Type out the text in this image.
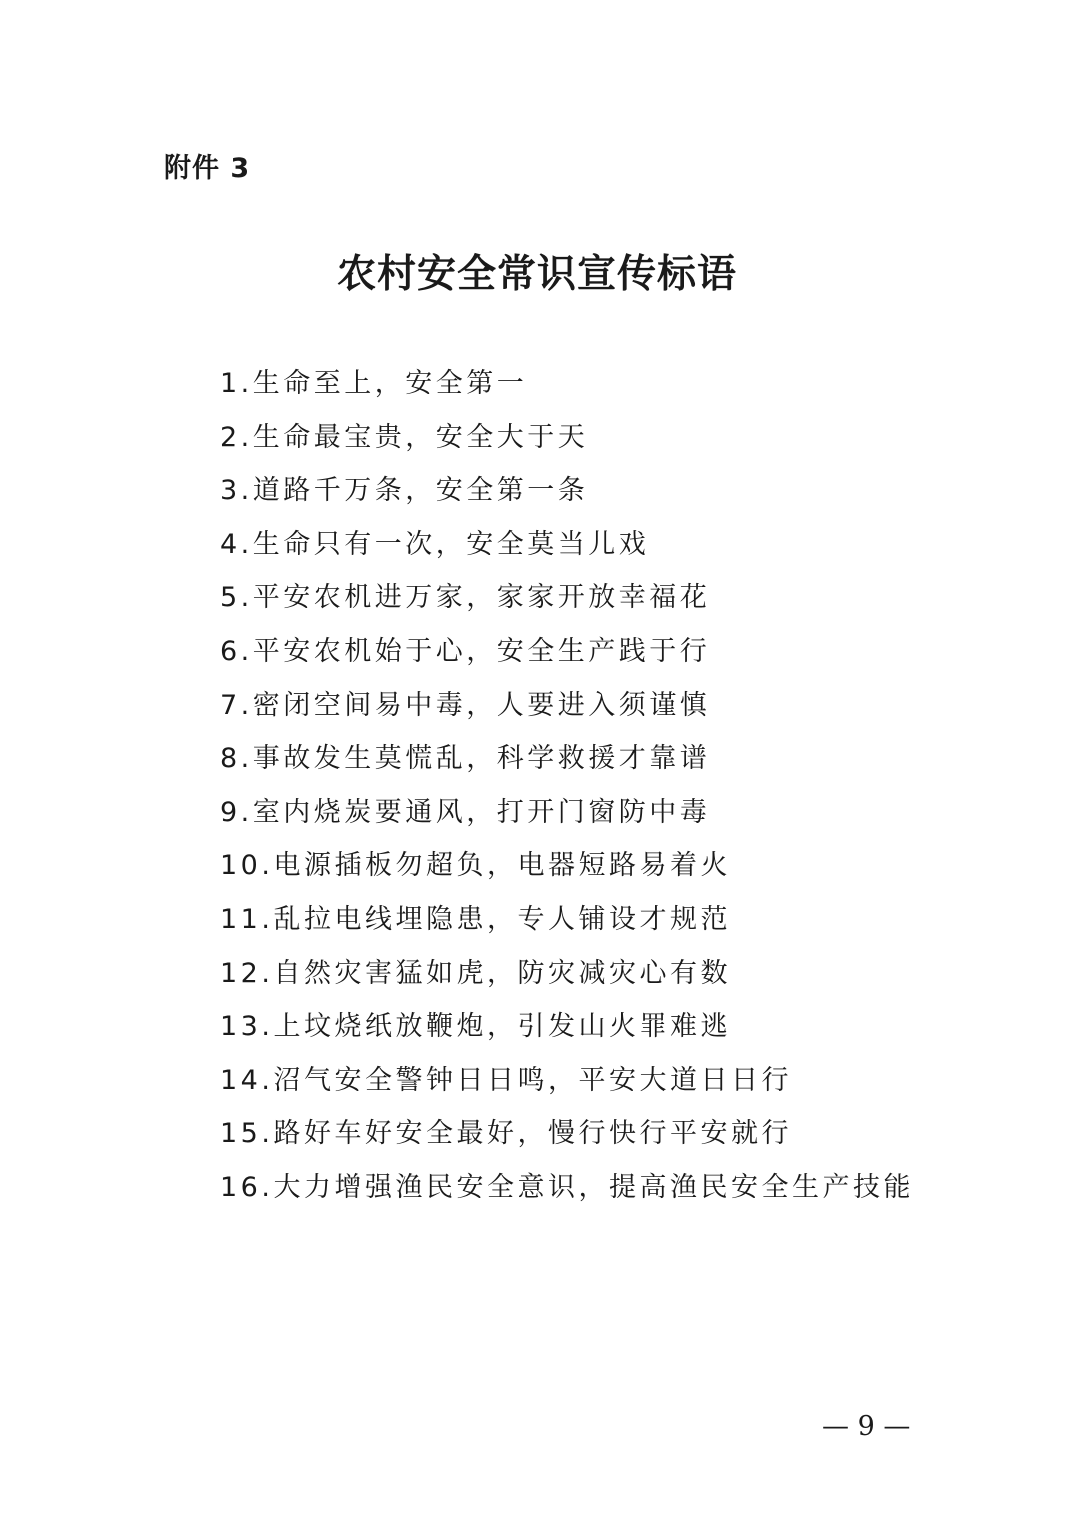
附件 3
农村安全常识宣传标语
1.生命至上，安全第一
2.生命最宝贵，安全大于天
3.道路千万条，安全第一条
4.生命只有一次，安全莫当儿戏
5.平安农机进万家，家家开放幸福花
6.平安农机始于心，安全生产践于行
7.密闭空间易中毒，人要进入须谨慎
8.事故发生莫慌乱，科学救援才靠谱
9.室内烧炭要通风，打开门窗防中毒
10.电源插板勿超负，电器短路易着火
11.乱拉电线埋隐患，专人铺设才规范
12.自然灾害猛如虎，防灾减灾心有数
13.上坟烧纸放鞭炮，引发山火罪难逃
14.沼气安全警钟日日鸣，平安大道日日行
15.路好车好安全最好，慢行快行平安就行
16.大力增强渔民安全意识，提高渔民安全生产技能
— 9 —
